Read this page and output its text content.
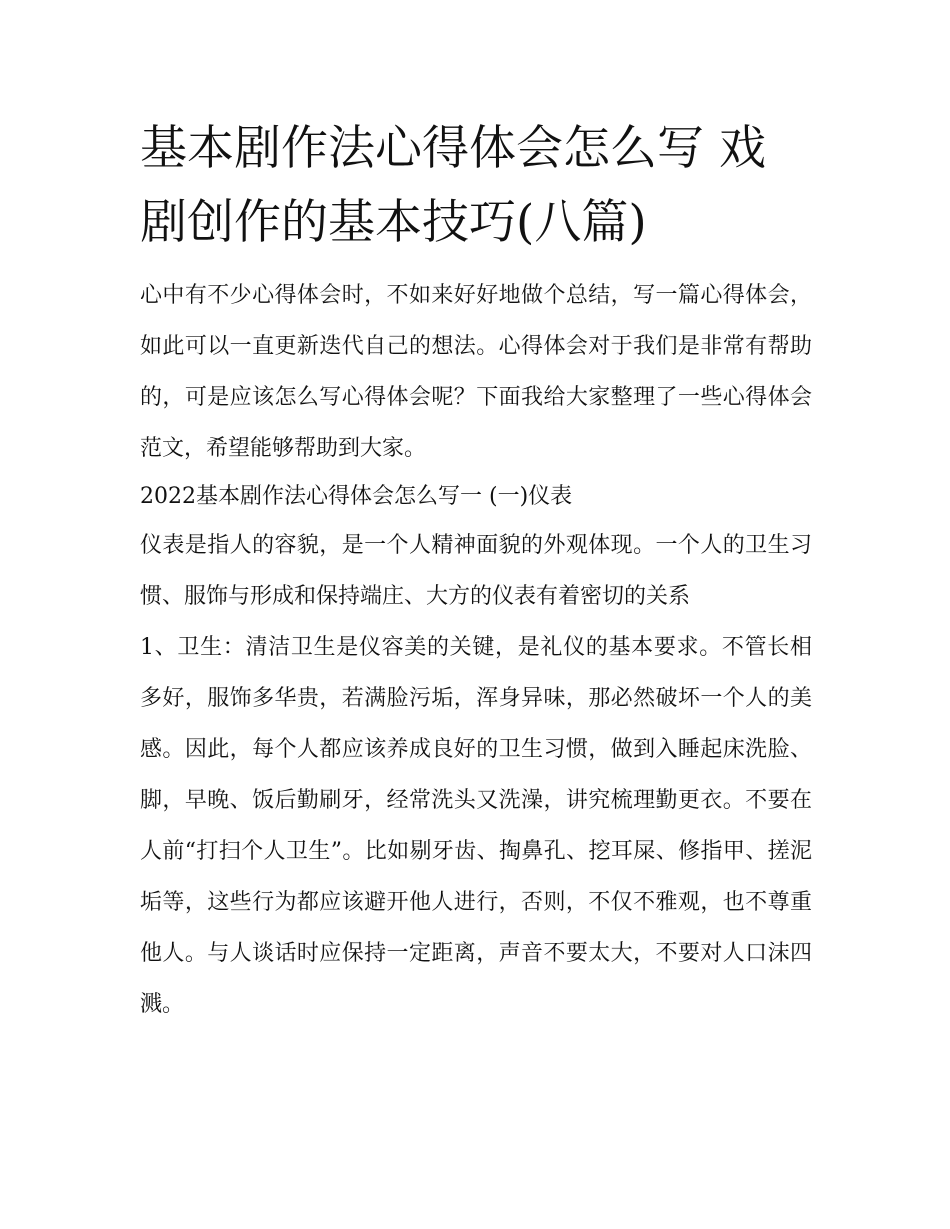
基本剧作法心得体会怎么写 戏剧创作的基本技巧(八篇)

心中有不少心得体会时，不如来好好地做个总结，写一篇心得体会，如此可以一直更新迭代自己的想法。心得体会对于我们是非常有帮助的，可是应该怎么写心得体会呢？下面我给大家整理了一些心得体会范文，希望能够帮助到大家。

2022基本剧作法心得体会怎么写一 (一)仪表

仪表是指人的容貌，是一个人精神面貌的外观体现。一个人的卫生习惯、服饰与形成和保持端庄、大方的仪表有着密切的关系

1、卫生：清洁卫生是仪容美的关键，是礼仪的基本要求。不管长相多好，服饰多华贵，若满脸污垢，浑身异味，那必然破坏一个人的美感。因此，每个人都应该养成良好的卫生习惯，做到入睡起床洗脸、脚，早晚、饭后勤刷牙，经常洗头又洗澡，讲究梳理勤更衣。不要在人前“打扫个人卫生”。比如剔牙齿、掏鼻孔、挖耳屎、修指甲、搓泥垢等，这些行为都应该避开他人进行，否则，不仅不雅观，也不尊重他人。与人谈话时应保持一定距离，声音不要太大，不要对人口沫四溅。
